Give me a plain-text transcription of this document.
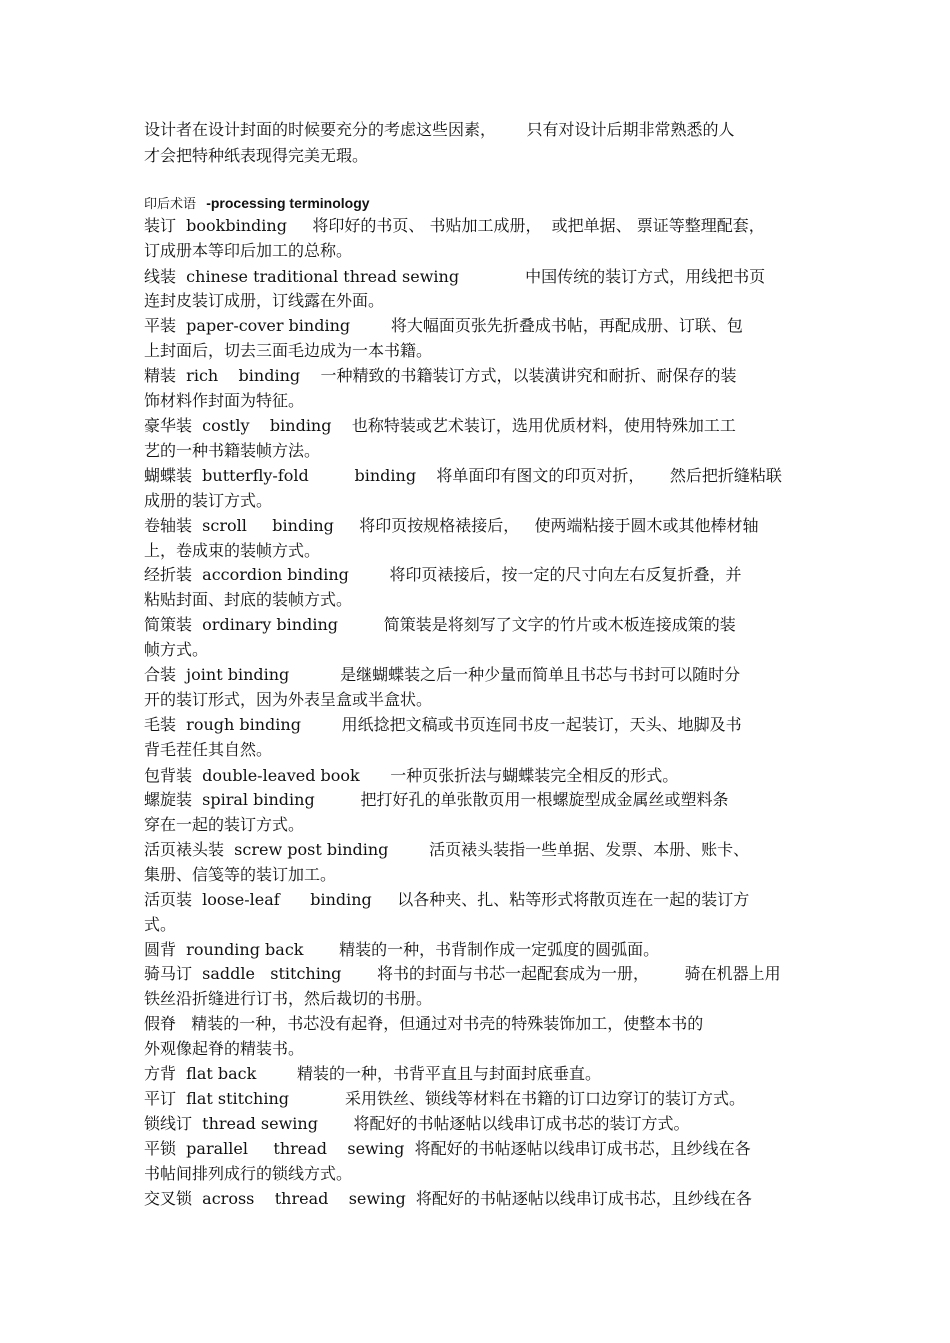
设计者在设计封面的时候要充分的考虑这些因素，      只有对设计后期非常熟悉的人
才会把特种纸表现得完美无瑕。
印后术语 -processing terminology
装订  bookbinding     将印好的书页、 书贴加工成册，  或把单据、 票证等整理配套，
订成册本等印后加工的总称。
线装  chinese traditional thread sewing             中国传统的装订方式，用线把书页
连封皮装订成册，订线露在外面。
平装  paper-cover binding        将大幅面页张先折叠成书帖，再配成册、订联、包
上封面后，切去三面毛边成为一本书籍。
精装  rich    binding    一种精致的书籍装订方式，以装潢讲究和耐折、耐保存的装
饰材料作封面为特征。
豪华装  costly    binding    也称特装或艺术装订，选用优质材料，使用特殊加工工
艺的一种书籍装帧方法。
蝴蝶装  butterfly-fold         binding    将单面印有图文的印页对折，     然后把折缝粘联
成册的装订方式。
卷轴装  scroll     binding     将印页按规格裱接后，   使两端粘接于圆木或其他棒材轴
上，卷成束的装帧方式。
经折装  accordion binding        将印页裱接后，按一定的尺寸向左右反复折叠，并
粘贴封面、封底的装帧方式。
简策装  ordinary binding         简策装是将刻写了文字的竹片或木板连接成策的装
帧方式。
合装  joint binding          是继蝴蝶装之后一种少量而简单且书芯与书封可以随时分
开的装订形式，因为外表呈盒或半盒状。
毛装  rough binding        用纸捻把文稿或书页连同书皮一起装订，天头、地脚及书
背毛茬任其自然。
包背装  double-leaved book      一种页张折法与蝴蝶装完全相反的形式。
螺旋装  spiral binding         把打好孔的单张散页用一根螺旋型成金属丝或塑料条
穿在一起的装订方式。
活页裱头装  screw post binding        活页裱头装指一些单据、发票、本册、账卡、
集册、信笺等的装订加工。
活页装  loose-leaf      binding     以各种夹、扎、粘等形式将散页连在一起的装订方
式。
圆背  rounding back       精装的一种，书背制作成一定弧度的圆弧面。
骑马订  saddle   stitching       将书的封面与书芯一起配套成为一册，       骑在机器上用
铁丝沿折缝进行订书，然后裁切的书册。
假脊   精装的一种，书芯没有起脊，但通过对书壳的特殊装饰加工，使整本书的
外观像起脊的精装书。
方背  flat back        精装的一种，书背平直且与封面封底垂直。
平订  flat stitching           采用铁丝、锁线等材料在书籍的订口边穿订的装订方式。
锁线订  thread sewing       将配好的书帖逐帖以线串订成书芯的装订方式。
平锁  parallel     thread    sewing  将配好的书帖逐帖以线串订成书芯，且纱线在各
书帖间排列成行的锁线方式。
交叉锁  across    thread    sewing  将配好的书帖逐帖以线串订成书芯，且纱线在各
